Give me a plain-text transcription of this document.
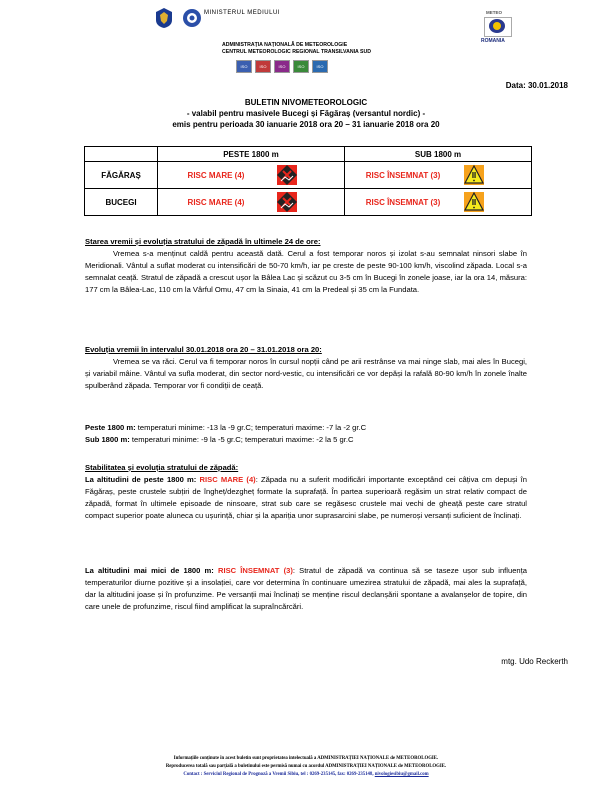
MINISTERUL MEDIULUI
ADMINISTRAȚIA NAȚIONALĂ DE METEOROLOGIE
CENTRUL METEOROLOGIC REGIONAL TRANSILVANIA SUD
ISO	ISO	ISO	ISO	ISO
METEO
ROMANIA
Data: 30.01.2018
BULETIN NIVOMETEOROLOGIC
- valabil pentru masivele Bucegi și Făgăraș (versantul nordic) -
emis pentru perioada 30 ianuarie 2018 ora 20 – 31 ianuarie 2018 ora 20
	PESTE 1800 m	SUB 1800 m
FĂGĂRAȘ	RISC MARE (4)	RISC ÎNSEMNAT (3)
BUCEGI	RISC MARE (4)	RISC ÎNSEMNAT (3)
Starea vremii și evoluția stratului de zăpadă în ultimele 24 de ore:
Vremea s-a menținut caldă pentru această dată. Cerul a fost temporar noros și izolat s-au semnalat ninsori slabe în Meridionali. Vântul a suflat moderat cu intensificări de 50-70 km/h, iar pe creste de peste 90-100 km/h, viscolind zăpada. Local s-a semnalat ceață. Stratul de zăpadă a crescut ușor la Bâlea Lac și scăzut cu 3-5 cm în Bucegi în zonele joase, iar la ora 14, măsura: 177 cm la Bâlea-Lac, 110 cm la Vârful Omu, 47 cm la Sinaia, 41 cm la Predeal și 35 cm la Fundata.
Evoluția vremii în intervalul 30.01.2018 ora 20 – 31.01.2018 ora 20:
Vremea se va răci. Cerul va fi temporar noros în cursul nopții când pe arii restrânse va mai ninge slab, mai ales în Bucegi, și variabil mâine. Vântul va sufla moderat, din sector nord-vestic, cu intensificări ce vor depăși la rafală 80-90 km/h în zonele înalte spulberând zăpada. Temporar vor fi condiții de ceață.
Peste 1800 m: temperaturi minime: -13 la -9 gr.C; temperaturi maxime: -7 la -2 gr.C
Sub 1800 m: temperaturi minime: -9 la -5 gr.C; temperaturi maxime: -2 la 5 gr.C
Stabilitatea și evoluția stratului de zăpadă:
La altitudini de peste 1800 m: RISC MARE (4): Zăpada nu a suferit modificări importante exceptând cei câțiva cm depuși în Făgăraș, peste crustele subțiri de îngheț/dezgheț formate la suprafață. În partea superioară regăsim un strat relativ compact de zăpadă, format în ultimele episoade de ninsoare, strat sub care se regăsesc crustele mai vechi de gheață peste care stratul compact superior poate aluneca cu ușurință, chiar și la apariția unor suprasarcini slabe, pe numeroși versanți suficient de înclinați.
La altitudini mai mici de 1800 m: RISC ÎNSEMNAT (3): Stratul de zăpadă va continua să se taseze ușor sub influența temperaturilor diurne pozitive și a insolației, care vor determina în continuare umezirea stratului de zăpadă, mai ales la suprafață, dar la altitudini joase și în profunzime. Pe versanții mai înclinați se menține riscul declanșării spontane a avalanșelor de topire, din care unele de profunzime, riscul fiind amplificat la supraîncărcări.
mtg. Udo Reckerth
Informațiile conținute în acest buletin sunt proprietatea intelectuală a ADMINISTRAȚIEI NAȚIONALE de METEOROLOGIE.
Reproducerea totală sau parțială a buletinului este permisă numai cu acordul ADMINISTRAȚIEI NAȚIONALE de METEOROLOGIE.
Contact : Serviciul Regional de Prognoză a Vremii Sibiu, tel : 0269-235145, fax: 0269-235148, nivologiesibiu@gmail.com
